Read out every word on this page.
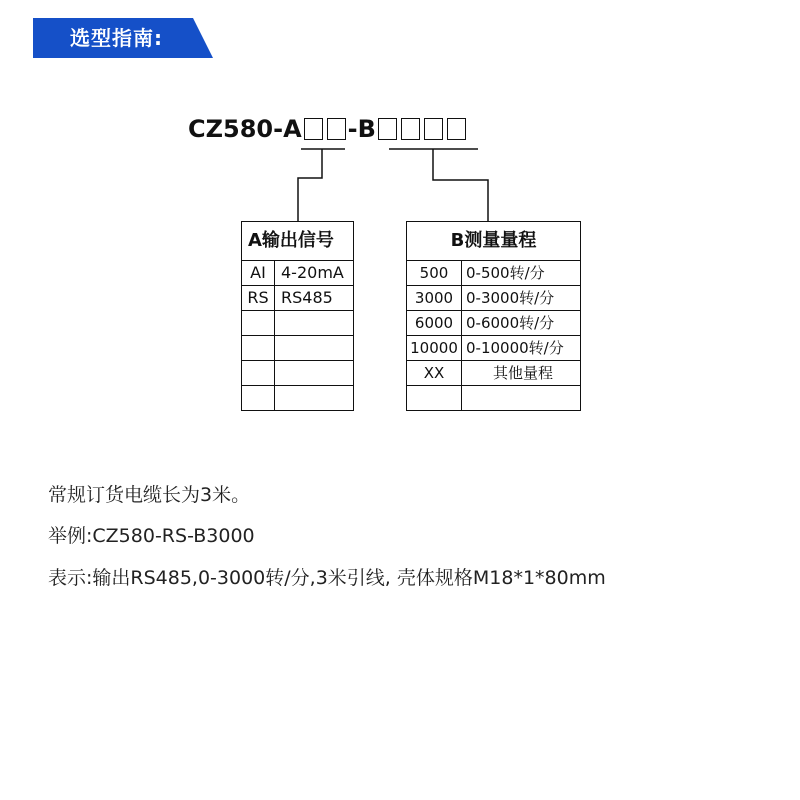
选型指南:
CZ580-A -B
A输出信号	
AI	4-20mA
RS	RS485

B测量量程	
500	0-500转/分
3000	0-3000转/分
6000	0-6000转/分
10000	0-10000转/分
XX	其他量程

常规订货电缆长为3米。
举例:CZ580-RS-B3000
表示:输出RS485,0-3000转/分,3米引线, 壳体规格M18*1*80mm
